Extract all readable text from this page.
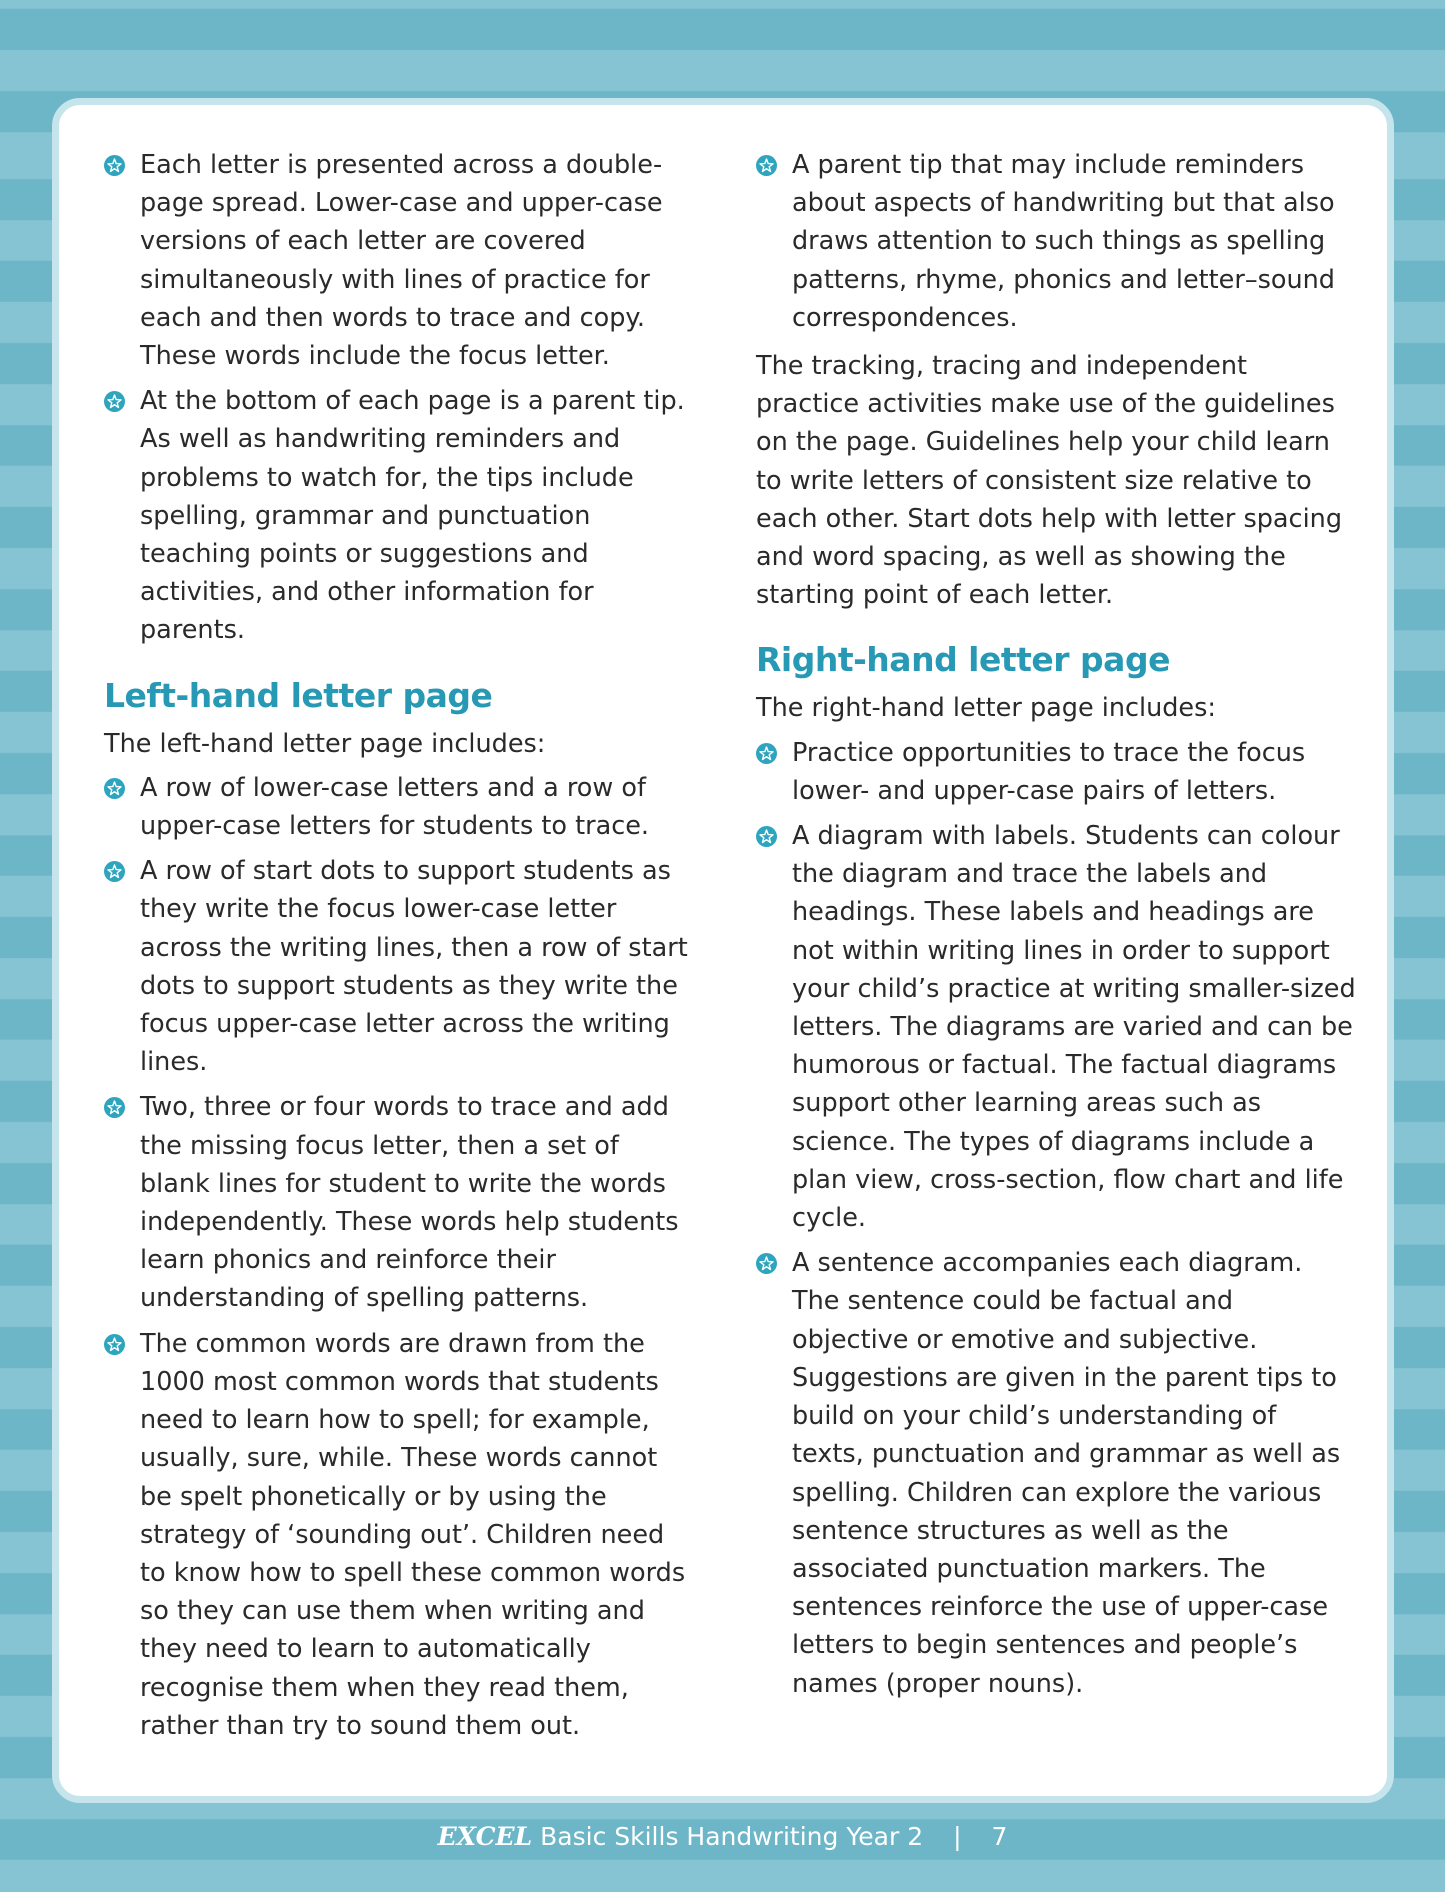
Each letter is presented across a double-page spread. Lower-case and upper-case versions of each letter are covered simultaneously with lines of practice for each and then words to trace and copy. These words include the focus letter.

At the bottom of each page is a parent tip. As well as handwriting reminders and problems to watch for, the tips include spelling, grammar and punctuation teaching points or suggestions and activities, and other information for parents.

Left-hand letter page

The left-hand letter page includes:

A row of lower-case letters and a row of upper-case letters for students to trace.

A row of start dots to support students as they write the focus lower-case letter across the writing lines, then a row of start dots to support students as they write the focus upper-case letter across the writing lines.

Two, three or four words to trace and add the missing focus letter, then a set of blank lines for student to write the words independently. These words help students learn phonics and reinforce their understanding of spelling patterns.

The common words are drawn from the 1000 most common words that students need to learn how to spell; for example, usually, sure, while. These words cannot be spelt phonetically or by using the strategy of ‘sounding out’. Children need to know how to spell these common words so they can use them when writing and they need to learn to automatically recognise them when they read them, rather than try to sound them out.

A parent tip that may include reminders about aspects of handwriting but that also draws attention to such things as spelling patterns, rhyme, phonics and letter–sound correspondences.

The tracking, tracing and independent practice activities make use of the guidelines on the page. Guidelines help your child learn to write letters of consistent size relative to each other. Start dots help with letter spacing and word spacing, as well as showing the starting point of each letter.

Right-hand letter page

The right-hand letter page includes:

Practice opportunities to trace the focus lower- and upper-case pairs of letters.

A diagram with labels. Students can colour the diagram and trace the labels and headings. These labels and headings are not within writing lines in order to support your child’s practice at writing smaller-sized letters. The diagrams are varied and can be humorous or factual. The factual diagrams support other learning areas such as science. The types of diagrams include a plan view, cross-section, flow chart and life cycle.

A sentence accompanies each diagram. The sentence could be factual and objective or emotive and subjective. Suggestions are given in the parent tips to build on your child’s understanding of texts, punctuation and grammar as well as spelling. Children can explore the various sentence structures as well as the associated punctuation markers. The sentences reinforce the use of upper-case letters to begin sentences and people’s names (proper nouns).

EXCEL Basic Skills Handwriting Year 2 | 7
